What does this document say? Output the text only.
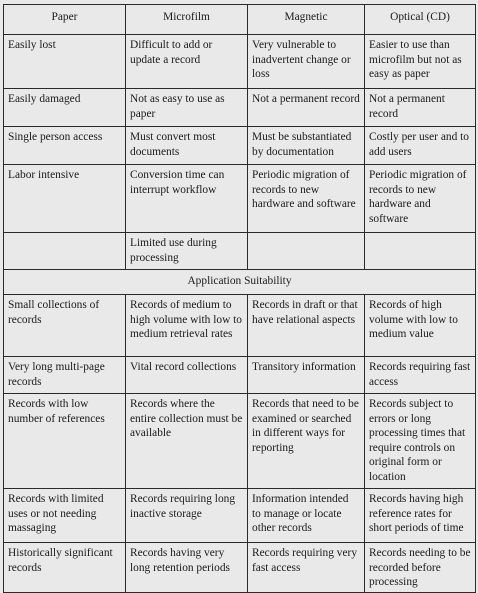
Paper	Microfilm	Magnetic	Optical (CD)
Easily lost	Difficult to add or update a record	Very vulnerable to inadvertent change or loss	Easier to use than microfilm but not as easy as paper
Easily damaged	Not as easy to use as paper	Not a permanent record	Not a permanent record
Single person access	Must convert most documents	Must be substantiated by documentation	Costly per user and to add users
Labor intensive	Conversion time can interrupt workflow	Periodic migration of records to new hardware and software	Periodic migration of records to new hardware and software
	Limited use during processing		
Application Suitability			
Small collections of records	Records of medium to high volume with low to medium retrieval rates	Records in draft or that have relational aspects	Records of high volume with low to medium value
Very long multi-page records	Vital record collections	Transitory information	Records requiring fast access
Records with low number of references	Records where the entire collection must be available	Records that need to be examined or searched in different ways for reporting	Records subject to errors or long processing times that require controls on original form or location
Records with limited uses or not needing massaging	Records requiring long inactive storage	Information intended to manage or locate other records	Records having high reference rates for short periods of time
Historically significant records	Records having very long retention periods	Records requiring very fast access	Records needing to be recorded before processing
